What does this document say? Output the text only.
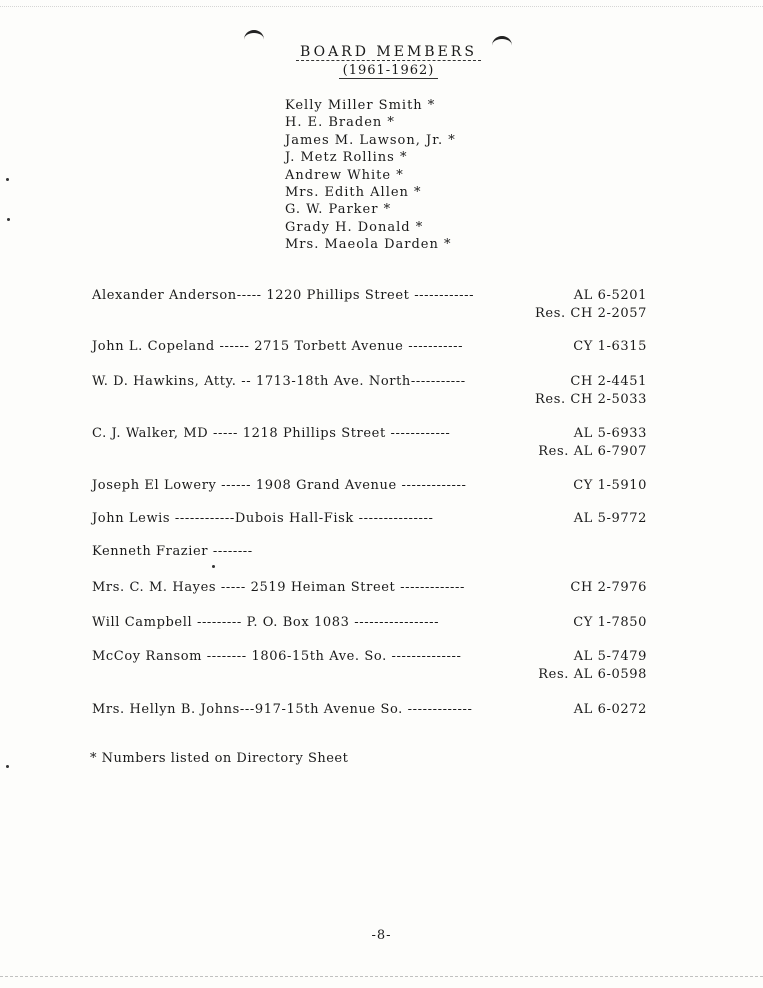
BOARD MEMBERS
(1961-1962)
Kelly Miller Smith *
H. E. Braden *
James M. Lawson, Jr. *
J. Metz Rollins *
Andrew White *
Mrs. Edith Allen *
G. W. Parker *
Grady H. Donald *
Mrs. Maeola Darden *
Alexander Anderson----- 1220 Phillips Street ------------	AL 6-5201
Res. CH 2-2057
John L. Copeland ------ 2715 Torbett Avenue -----------	CY 1-6315
W. D. Hawkins, Atty. -- 1713-18th Ave. North-----------	CH 2-4451
Res. CH 2-5033
C. J. Walker, MD ----- 1218 Phillips Street ------------	AL 5-6933
Res. AL 6-7907
Joseph El Lowery ------ 1908 Grand Avenue -------------	CY 1-5910
John Lewis ------------Dubois Hall-Fisk ---------------	AL 5-9772
Kenneth Frazier --------
Mrs. C. M. Hayes ----- 2519 Heiman Street -------------	CH 2-7976
Will Campbell --------- P. O. Box 1083 -----------------	CY 1-7850
McCoy Ransom -------- 1806-15th Ave. So. --------------	AL 5-7479
Res. AL 6-0598
Mrs. Hellyn B. Johns---917-15th Avenue So. -------------	AL 6-0272
* Numbers listed on Directory Sheet
-8-
